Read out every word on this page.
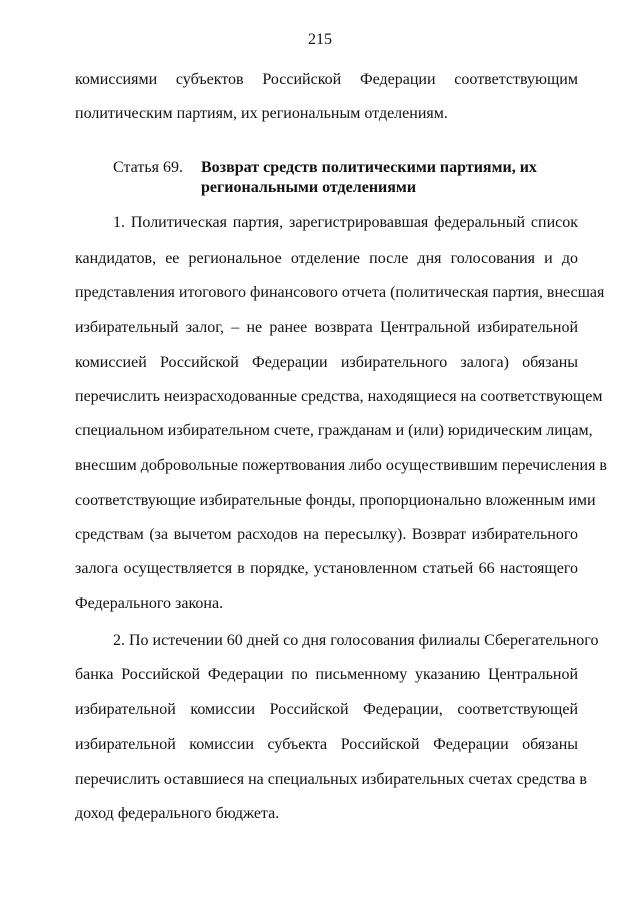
215
комиссиями субъектов Российской Федерации соответствующим
политическим партиям, их региональным отделениям.
Статья 69. Возврат средств политическими партиями, их
региональными отделениями
1. Политическая партия, зарегистрировавшая федеральный список
кандидатов, ее региональное отделение после дня голосования и до
представления итогового финансового отчета (политическая партия, внесшая
избирательный залог, – не ранее возврата Центральной избирательной
комиссией Российской Федерации избирательного залога) обязаны
перечислить неизрасходованные средства, находящиеся на соответствующем
специальном избирательном счете, гражданам и (или) юридическим лицам,
внесшим добровольные пожертвования либо осуществившим перечисления в
соответствующие избирательные фонды, пропорционально вложенным ими
средствам (за вычетом расходов на пересылку). Возврат избирательного
залога осуществляется в порядке, установленном статьей 66 настоящего
Федерального закона.
2. По истечении 60 дней со дня голосования филиалы Сберегательного
банка Российской Федерации по письменному указанию Центральной
избирательной комиссии Российской Федерации, соответствующей
избирательной комиссии субъекта Российской Федерации обязаны
перечислить оставшиеся на специальных избирательных счетах средства в
доход федерального бюджета.
